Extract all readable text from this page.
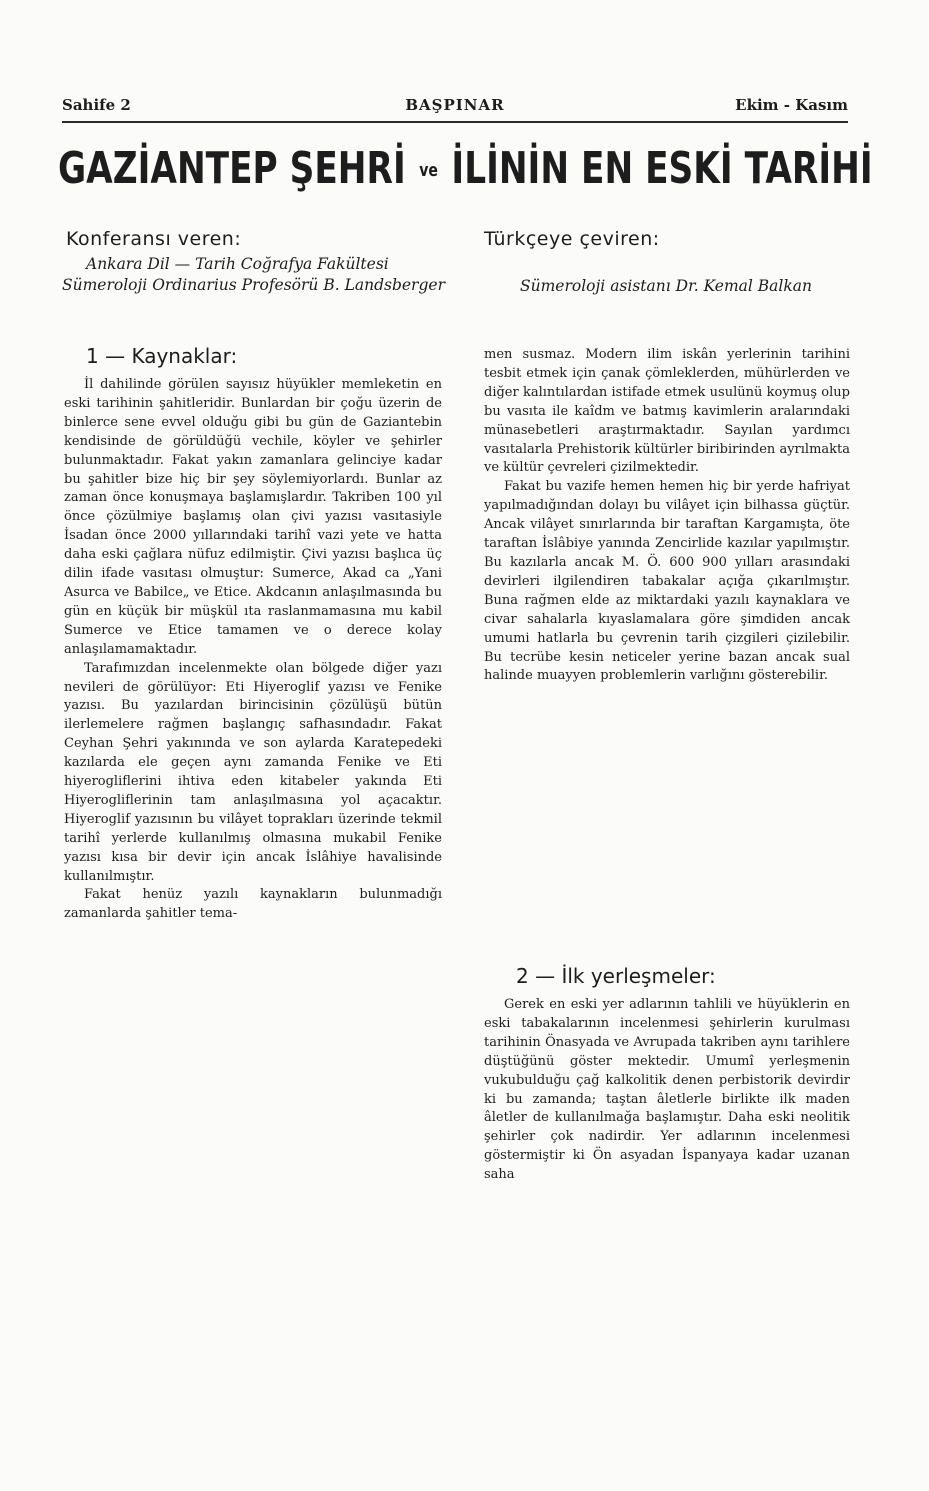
Sahife 2	BAŞPINAR	Ekim - Kasım
GAZİANTEP ŞEHRİ ve İLİNİN EN ESKİ TARİHİ
Konferansı veren:
Ankara Dil — Tarih Coğrafya Fakültesi Sümeroloji Ordinarius Profesörü B. Landsberger
Türkçeye çeviren:
Sümeroloji asistanı Dr. Kemal Balkan
1 — Kaynaklar:

İl dahilinde görülen sayısız hüyükler memleketin en eski tarihinin şahitleridir. Bunlardan bir çoğu üzerin de binlerce sene evvel olduğu gibi bu gün de Gaziantebin kendisinde de görüldüğü vechile, köyler ve şehirler bulunmaktadır. Fakat yakın zamanlara gelinciye kadar bu şahitler bize hiç bir şey söylemiyorlardı. Bunlar az zaman önce konuşmaya başlamışlardır. Takriben 100 yıl önce çözülmiye başlamış olan çivi yazısı vasıtasiyle İsadan önce 2000 yıllarındaki tarihî vazi yete ve hatta daha eski çağlara nüfuz edilmiştir. Çivi yazısı başlıca üç dilin ifade vasıtası olmuştur: Sumerce, Akad ca „Yani Asurca ve Babilce„ ve Etice. Akdcanın anlaşılmasında bu gün en küçük bir müşkül ıta raslanmamasına mu kabil Sumerce ve Etice tamamen ve o derece kolay anlaşılamamaktadır.

Tarafımızdan incelenmekte olan bölgede diğer yazı nevileri de görülüyor: Eti Hiyeroglif yazısı ve Fenike yazısı. Bu yazılardan birincisinin çözülüşü bütün ilerlemelere rağmen başlangıç safhasındadır. Fakat Ceyhan Şehri yakınında ve son aylarda Karatepedeki kazılarda ele geçen aynı zamanda Fenike ve Eti hiyerogliflerini ihtiva eden kitabeler yakında Eti Hiyerogliflerinin tam anlaşılmasına yol açacaktır. Hiyeroglif yazısının bu vilâyet toprakları üzerinde tekmil tarihî yerlerde kullanılmış olmasına mukabil Fenike yazısı kısa bir devir için ancak İslâhiye havalisinde kullanılmıştır.

Fakat henüz yazılı kaynakların bulunmadığı zamanlarda şahitler tema-

men susmaz. Modern ilim iskân yerlerinin tarihini tesbit etmek için çanak çömleklerden, mühürlerden ve diğer kalıntılardan istifade etmek usulünü koymuş olup bu vasıta ile kaîdm ve batmış kavimlerin aralarındaki münasebetleri araştırmaktadır. Sayılan yardımcı vasıtalarla Prehistorik kültürler biribirinden ayrılmakta ve kültür çevreleri çizilmektedir.

Fakat bu vazife hemen hemen hiç bir yerde hafriyat yapılmadığından dolayı bu vilâyet için bilhassa güçtür. Ancak vilâyet sınırlarında bir taraftan Kargamışta, öte taraftan İslâbiye yanında Zencirlide kazılar yapılmıştır. Bu kazılarla ancak M. Ö. 600 900 yılları arasındaki devirleri ilgilendiren tabakalar açığa çıkarılmıştır. Buna rağmen elde az miktardaki yazılı kaynaklara ve civar sahalarla kıyaslamalara göre şimdiden ancak umumi hatlarla bu çevrenin tarih çizgileri çizilebilir. Bu tecrübe kesin neticeler yerine bazan ancak sual halinde muayyen problemlerin varlığını gösterebilir.

2 — İlk yerleşmeler:

Gerek en eski yer adlarının tahlili ve hüyüklerin en eski tabakalarının incelenmesi şehirlerin kurulması tarihinin Önasyada ve Avrupada takriben aynı tarihlere düştüğünü göster mektedir. Umumî yerleşmenin vukubulduğu çağ kalkolitik denen perbistorik devirdir ki bu zamanda; taştan âletlerle birlikte ilk maden âletler de kullanılmağa başlamıştır. Daha eski neolitik şehirler çok nadirdir. Yer adlarının incelenmesi göstermiştir ki Ön asyadan İspanyaya kadar uzanan saha
